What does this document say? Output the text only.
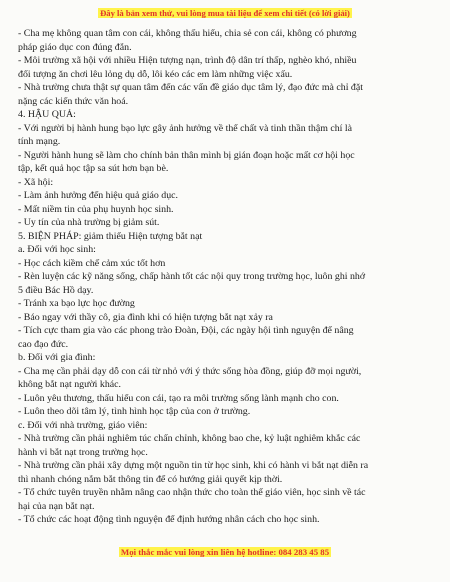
Đây là bản xem thử, vui lòng mua tài liệu để xem chi tiết (có lời giải)

- Cha mẹ không quan tâm con cái, không thấu hiểu, chia sẻ con cái, không có phương

pháp giáo dục con đúng đắn.

- Môi trường xã hội với nhiều Hiện tượng nạn, trình độ dân trí thấp, nghèo khó, nhiều

đối tượng ăn chơi lêu lỏng dụ dỗ, lôi kéo các em làm những việc xấu.

- Nhà trường chưa thật sự quan tâm đến các vấn đề giáo dục tâm lý, đạo đức mà chỉ đặt

nặng các kiến thức văn hoá.

4. HẬU QUẢ:

- Với người bị hành hung bạo lực gây ảnh hưởng về thể chất và tinh thần thậm chí là

tính mạng.

- Người hành hung sẽ làm cho chính bản thân mình bị gián đoạn hoặc mất cơ hội học

tập, kết quả học tập sa sút hơn bạn bè.

- Xã hội:

- Làm ảnh hưởng đến hiệu quả giáo dục.

- Mất niềm tin của phụ huynh học sinh.

- Uy tín của nhà trường bị giảm sút.

5. BIỆN PHÁP: giảm thiểu Hiện tượng bắt nạt

a. Đối với học sinh:

- Học cách kiềm chế cảm xúc tốt hơn

- Rèn luyện các kỹ năng sống, chấp hành tốt các nội quy trong trường học, luôn ghi nhớ

5 điều Bác Hồ dạy.

- Tránh xa bạo lực học đường

- Báo ngay với thầy cô, gia đình khi có hiện tượng bắt nạt xảy ra

- Tích cực tham gia vào các phong trào Đoàn, Đội, các ngày hội tình nguyện để nâng

cao đạo đức.

b. Đối với gia đình:

- Cha mẹ cần phải dạy dỗ con cái từ nhỏ với ý thức sống hòa đồng, giúp đỡ mọi người,

không bắt nạt người khác.

- Luôn yêu thương, thấu hiểu con cái, tạo ra môi trường sống lành mạnh cho con.

- Luôn theo dõi tâm lý, tình hình học tập của con ở trường.

c. Đối với nhà trường, giáo viên:

- Nhà trường cần phải nghiêm túc chấn chỉnh, không bao che, kỷ luật nghiêm khắc các

hành vi bắt nạt trong trường học.

- Nhà trường cần phải xây dựng một nguồn tin từ học sinh, khi có hành vi bắt nạt diễn ra

thì nhanh chóng nắm bắt thông tin để có hướng giải quyết kịp thời.

- Tổ chức tuyên truyền nhằm nâng cao nhận thức cho toàn thể giáo viên, học sinh về tác

hại của nạn bắt nạt.

- Tổ chức các hoạt động tình nguyện để định hướng nhân cách cho học sinh.

Mọi thắc mắc vui lòng xin liên hệ hotline: 084 283 45 85
